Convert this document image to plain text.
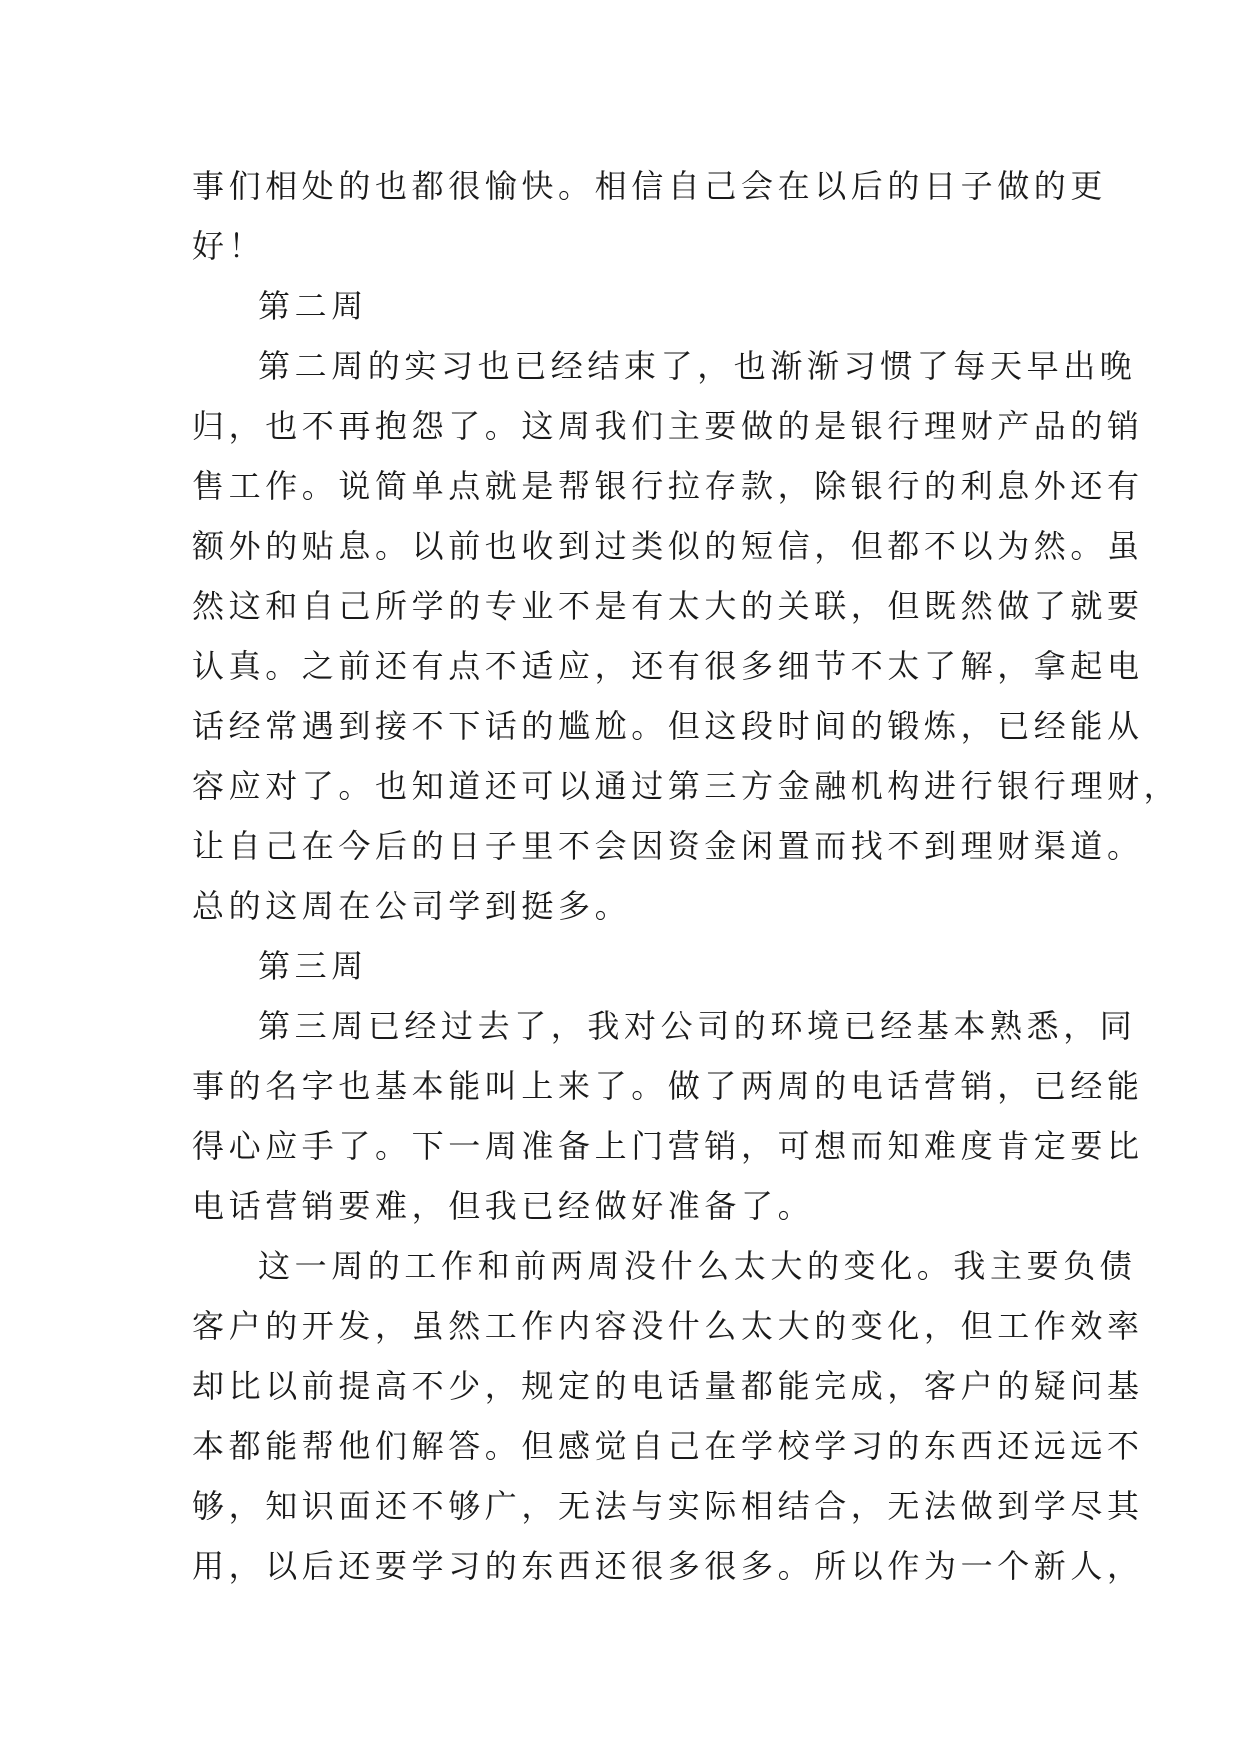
事们相处的也都很愉快。相信自己会在以后的日子做的更
好！
第二周
第二周的实习也已经结束了，也渐渐习惯了每天早出晚
归，也不再抱怨了。这周我们主要做的是银行理财产品的销
售工作。说简单点就是帮银行拉存款，除银行的利息外还有
额外的贴息。以前也收到过类似的短信，但都不以为然。虽
然这和自己所学的专业不是有太大的关联，但既然做了就要
认真。之前还有点不适应，还有很多细节不太了解，拿起电
话经常遇到接不下话的尴尬。但这段时间的锻炼，已经能从
容应对了。也知道还可以通过第三方金融机构进行银行理财，
让自己在今后的日子里不会因资金闲置而找不到理财渠道。
总的这周在公司学到挺多。
第三周
第三周已经过去了，我对公司的环境已经基本熟悉，同
事的名字也基本能叫上来了。做了两周的电话营销，已经能
得心应手了。下一周准备上门营销，可想而知难度肯定要比
电话营销要难，但我已经做好准备了。
这一周的工作和前两周没什么太大的变化。我主要负债
客户的开发，虽然工作内容没什么太大的变化，但工作效率
却比以前提高不少，规定的电话量都能完成，客户的疑问基
本都能帮他们解答。但感觉自己在学校学习的东西还远远不
够，知识面还不够广，无法与实际相结合，无法做到学尽其
用，以后还要学习的东西还很多很多。所以作为一个新人，
